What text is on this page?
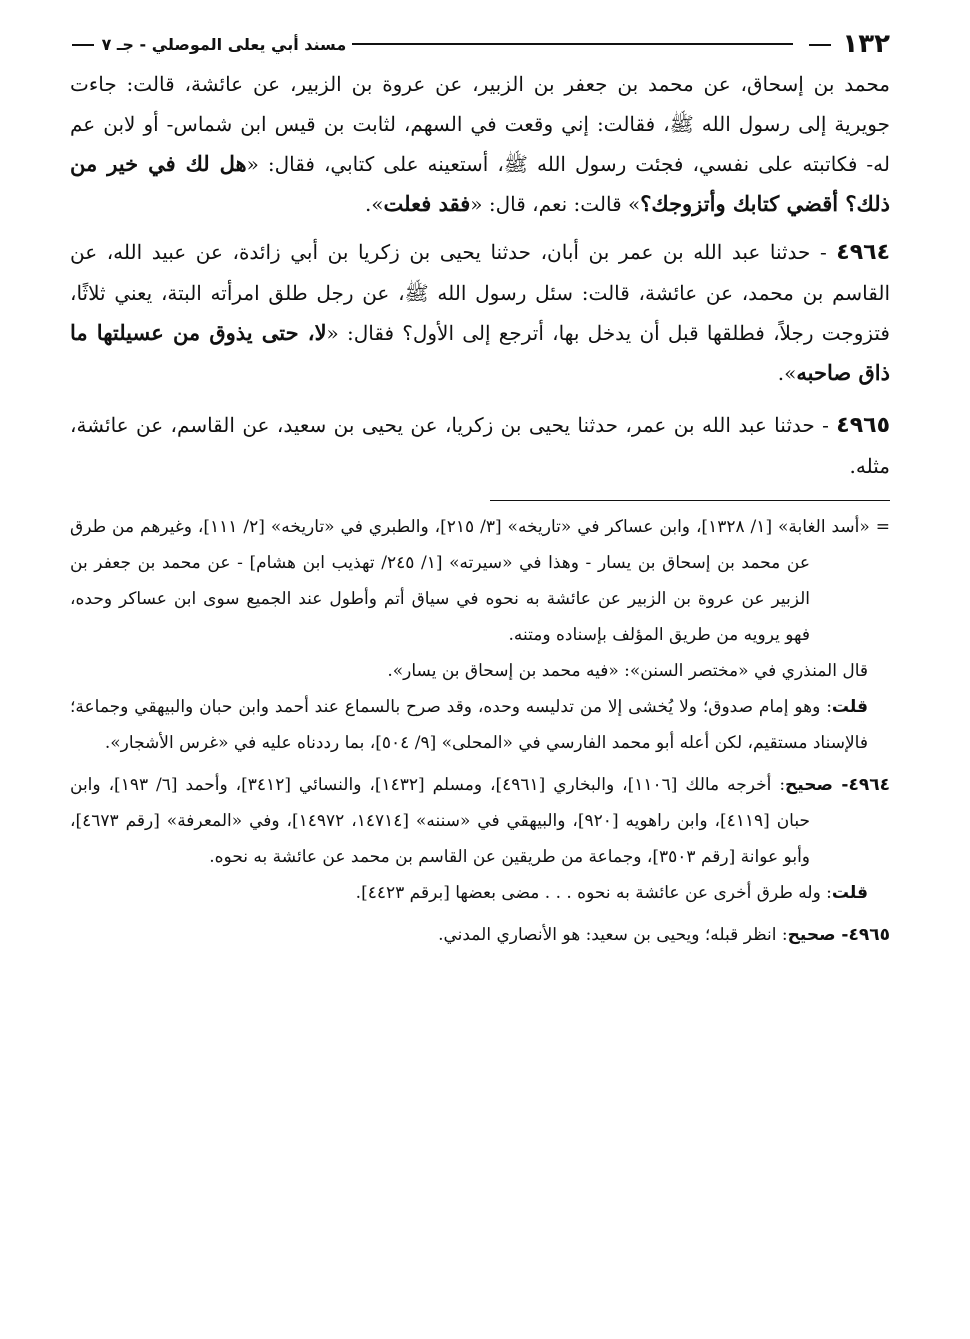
١٣٢
مسند أبي يعلى الموصلي - جـ ٧

محمد بن إسحاق، عن محمد بن جعفر بن الزبير، عن عروة بن الزبير، عن عائشة، قالت: جاءت جويرية إلى رسول الله ﷺ، فقالت: إني وقعت في السهم، لثابت بن قيس ابن شماس- أو لابن عم له- فكاتبته على نفسي، فجئت رسول الله ﷺ، أستعينه على كتابي، فقال: «هل لك في خير من ذلك؟ أقضي كتابك وأتزوجك؟» قالت: نعم، قال: «فقد فعلت».

٤٩٦٤ - حدثنا عبد الله بن عمر بن أبان، حدثنا يحيى بن زكريا بن أبي زائدة، عن عبيد الله، عن القاسم بن محمد، عن عائشة، قالت: سئل رسول الله ﷺ، عن رجل طلق امرأته البتة، يعني ثلاثًا، فتزوجت رجلاً، فطلقها قبل أن يدخل بها، أترجع إلى الأول؟ فقال: «لا، حتى يذوق من عسيلتها ما ذاق صاحبه».

٤٩٦٥ - حدثنا عبد الله بن عمر، حدثنا يحيى بن زكريا، عن يحيى بن سعيد، عن القاسم، عن عائشة، مثله.

= «أسد الغابة» [١/ ١٣٢٨]، وابن عساكر في «تاريخه» [٣/ ٢١٥]، والطبري في «تاريخه» [٢/ ١١١]، وغيرهم من طرق عن محمد بن إسحاق بن يسار - وهذا في «سيرته» [١/ ٢٤٥/ تهذيب ابن هشام] - عن محمد بن جعفر بن الزبير عن عروة بن الزبير عن عائشة به نحوه في سياق أتم وأطول عند الجميع سوى ابن عساكر وحده، فهو يرويه من طريق المؤلف بإسناده ومتنه.

قال المنذري في «مختصر السنن»: «فيه محمد بن إسحاق بن يسار».

قلت: وهو إمام صدوق؛ ولا يُخشى إلا من تدليسه وحده، وقد صرح بالسماع عند أحمد وابن حبان والبيهقي وجماعة؛ فالإسناد مستقيم، لكن أعله أبو محمد الفارسي في «المحلى» [٩/ ٥٠٤]، بما رددناه عليه في «غرس الأشجار».

٤٩٦٤- صحيح: أخرجه مالك [١١٠٦]، والبخاري [٤٩٦١]، ومسلم [١٤٣٢]، والنسائي [٣٤١٢]، وأحمد [٦/ ١٩٣]، وابن حبان [٤١١٩]، وابن راهويه [٩٢٠]، والبيهقي في «سننه» [١٤٧١٤، ١٤٩٧٢]، وفي «المعرفة» [رقم ٤٦٧٣]، وأبو عوانة [رقم ٣٥٠٣]، وجماعة من طريقين عن القاسم بن محمد عن عائشة به نحوه.

قلت: وله طرق أخرى عن عائشة به نحوه . . . مضى بعضها [برقم ٤٤٢٣].

٤٩٦٥- صحيح: انظر قبله؛ ويحيى بن سعيد: هو الأنصاري المدني.
